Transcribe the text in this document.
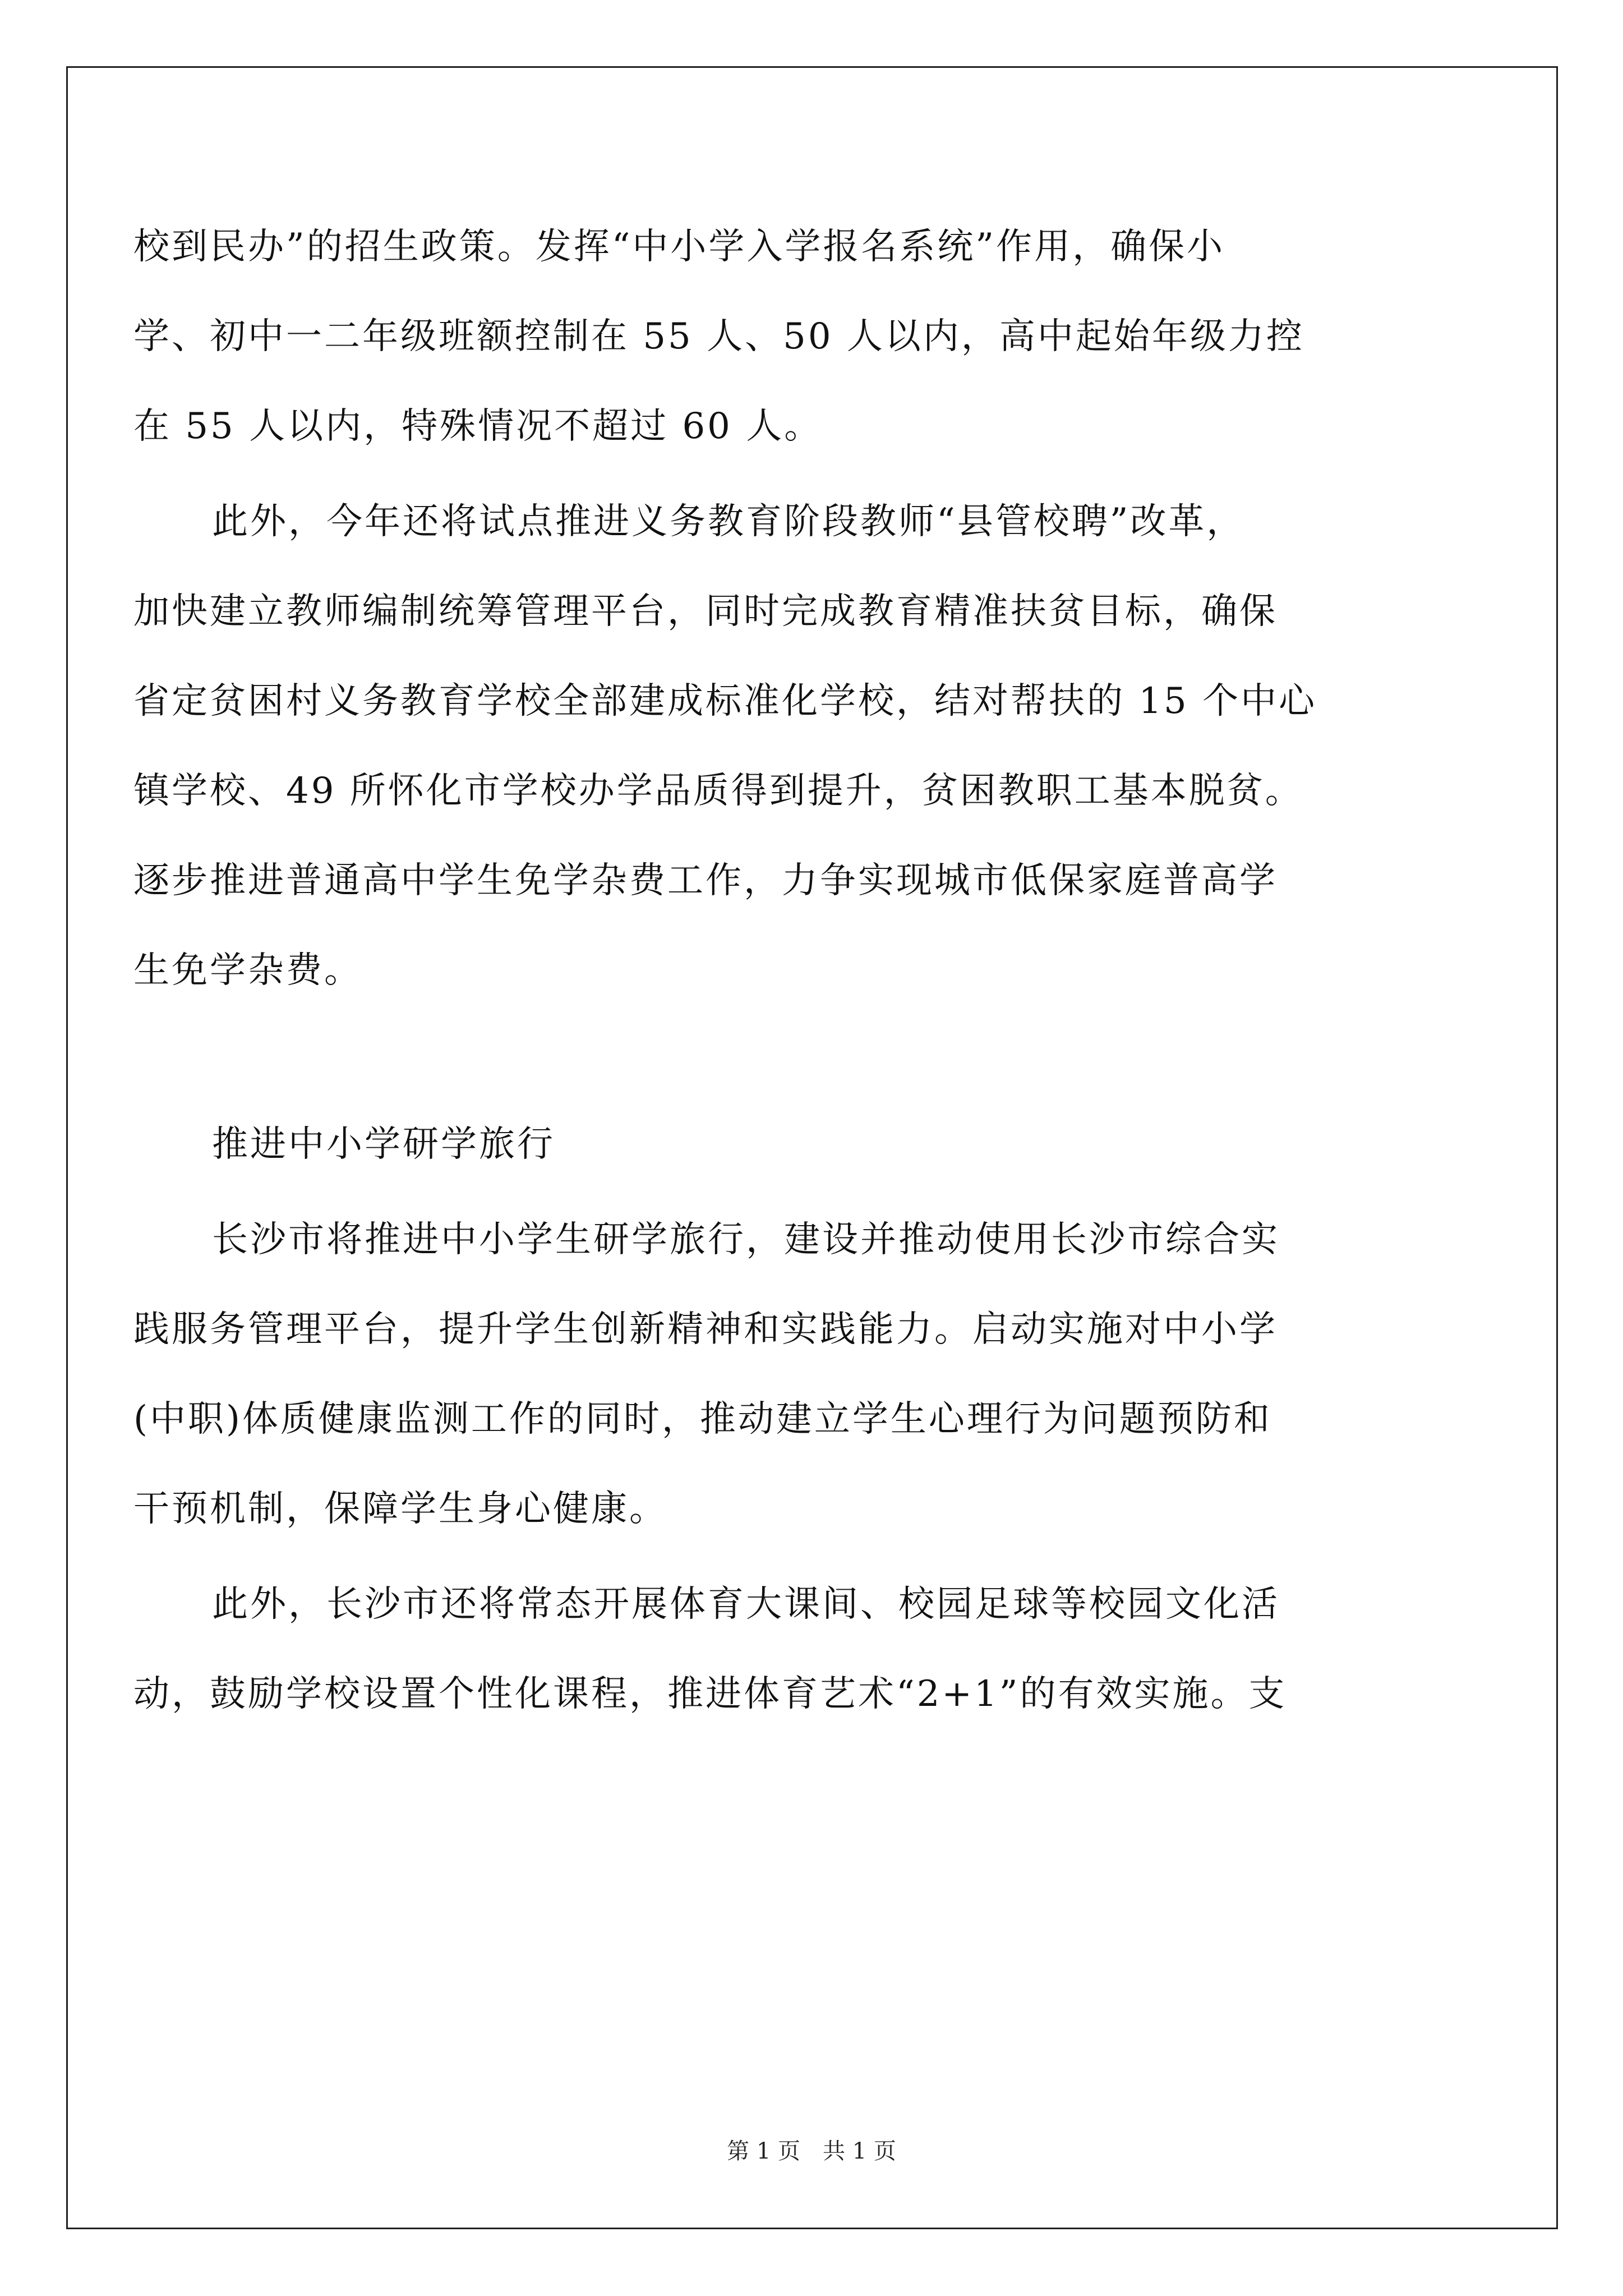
校到民办”的招生政策。发挥“中小学入学报名系统”作用，确保小
学、初中一二年级班额控制在 55 人、50 人以内，高中起始年级力控
在 55 人以内，特殊情况不超过 60 人。
此外，今年还将试点推进义务教育阶段教师“县管校聘”改革，
加快建立教师编制统筹管理平台，同时完成教育精准扶贫目标，确保
省定贫困村义务教育学校全部建成标准化学校，结对帮扶的 15 个中心
镇学校、49 所怀化市学校办学品质得到提升，贫困教职工基本脱贫。
逐步推进普通高中学生免学杂费工作，力争实现城市低保家庭普高学
生免学杂费。
推进中小学研学旅行
长沙市将推进中小学生研学旅行，建设并推动使用长沙市综合实
践服务管理平台，提升学生创新精神和实践能力。启动实施对中小学
(中职)体质健康监测工作的同时，推动建立学生心理行为问题预防和
干预机制，保障学生身心健康。
此外，长沙市还将常态开展体育大课间、校园足球等校园文化活
动，鼓励学校设置个性化课程，推进体育艺术“2+1”的有效实施。支
第 1 页　共 1 页
